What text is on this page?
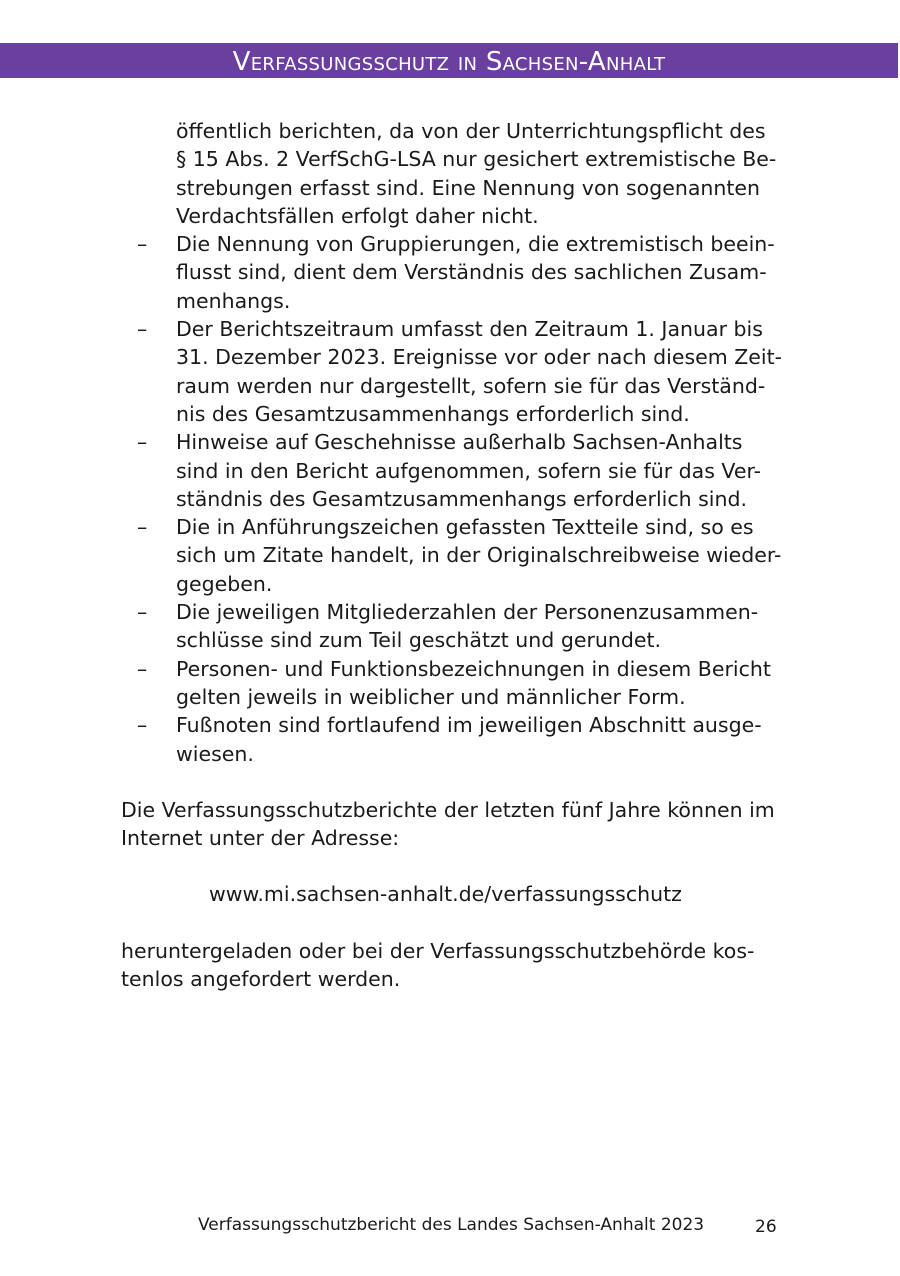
Verfassungsschutz in Sachsen-Anhalt

öffentlich berichten, da von der Unterrichtungspflicht des
§ 15 Abs. 2 VerfSchG-LSA nur gesichert extremistische Be-
strebungen erfasst sind. Eine Nennung von sogenannten
Verdachtsfällen erfolgt daher nicht.

– Die Nennung von Gruppierungen, die extremistisch beein-
flusst sind, dient dem Verständnis des sachlichen Zusam-
menhangs.
– Der Berichtszeitraum umfasst den Zeitraum 1. Januar bis
31. Dezember 2023. Ereignisse vor oder nach diesem Zeit-
raum werden nur dargestellt, sofern sie für das Verständ-
nis des Gesamtzusammenhangs erforderlich sind.
– Hinweise auf Geschehnisse außerhalb Sachsen-Anhalts
sind in den Bericht aufgenommen, sofern sie für das Ver-
ständnis des Gesamtzusammenhangs erforderlich sind.
– Die in Anführungszeichen gefassten Textteile sind, so es
sich um Zitate handelt, in der Originalschreibweise wieder-
gegeben.
– Die jeweiligen Mitgliederzahlen der Personenzusammen-
schlüsse sind zum Teil geschätzt und gerundet.
– Personen- und Funktionsbezeichnungen in diesem Bericht
gelten jeweils in weiblicher und männlicher Form.
– Fußnoten sind fortlaufend im jeweiligen Abschnitt ausge-
wiesen.

Die Verfassungsschutzberichte der letzten fünf Jahre können im
Internet unter der Adresse:

www.mi.sachsen-anhalt.de/verfassungsschutz

heruntergeladen oder bei der Verfassungsschutzbehörde kos-
tenlos angefordert werden.

Verfassungsschutzbericht des Landes Sachsen-Anhalt 2023	26
